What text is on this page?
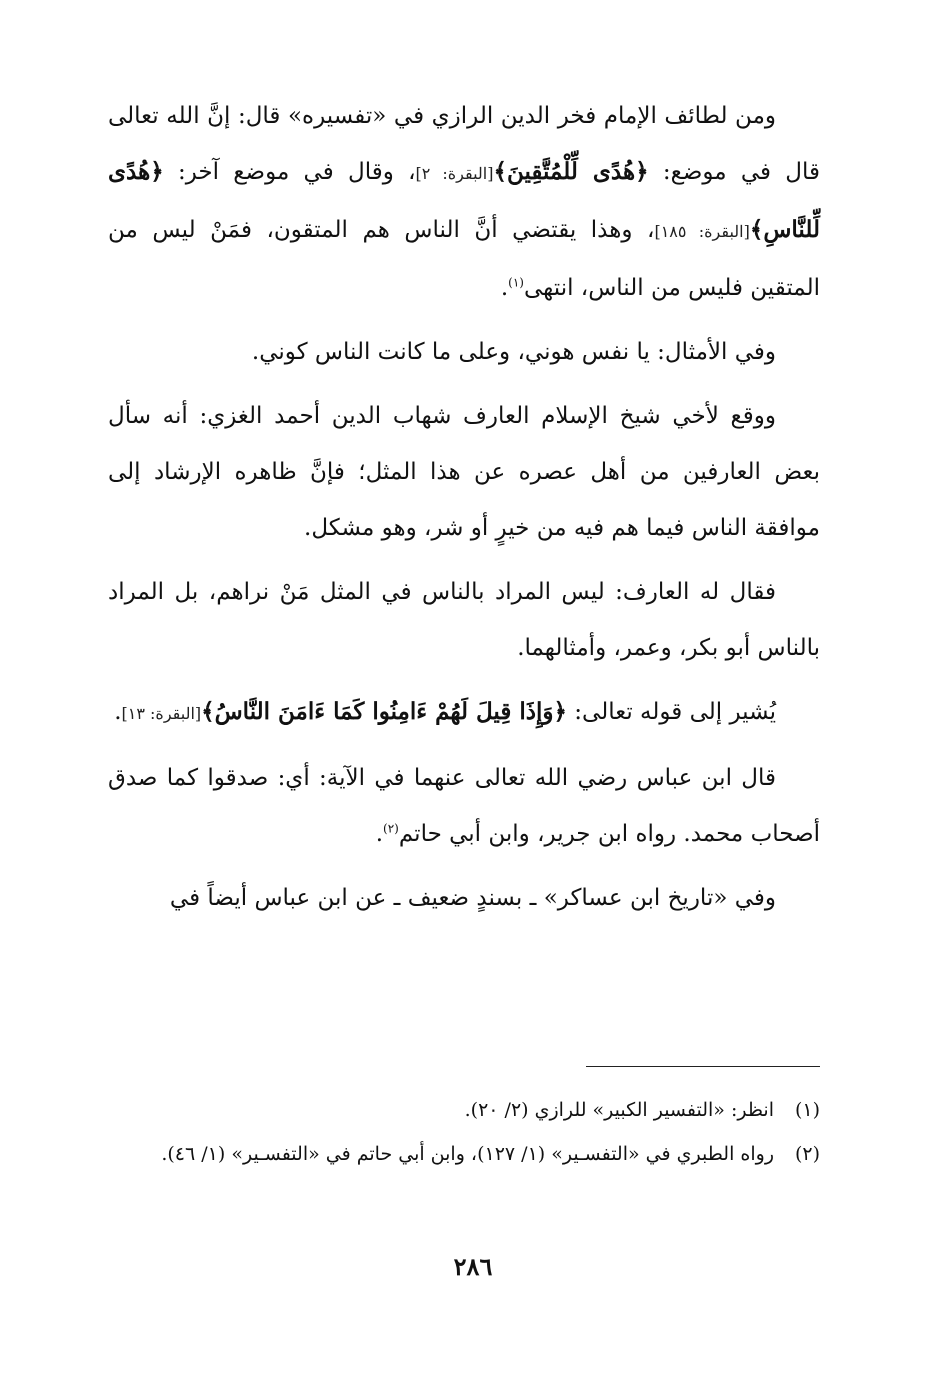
ومن لطائف الإمام فخر الدين الرازي في «تفسيره» قال: إنَّ الله تعالى قال في موضع: ﴿هُدًى لِّلْمُتَّقِينَ﴾[البقرة: ٢]، وقال في موضع آخر: ﴿هُدًى لِّلنَّاسِ﴾[البقرة: ١٨٥]، وهذا يقتضي أنَّ الناس هم المتقون، فمَنْ ليس من المتقين فليس من الناس، انتهى$^{(١)}$.

وفي الأمثال: يا نفس هوني، وعلى ما كانت الناس كوني.

ووقع لأخي شيخ الإسلام العارف شهاب الدين أحمد الغزي: أنه سأل بعض العارفين من أهل عصره عن هذا المثل؛ فإنَّ ظاهره الإرشاد إلى موافقة الناس فيما هم فيه من خيرٍ أو شر، وهو مشكل.

فقال له العارف: ليس المراد بالناس في المثل مَنْ نراهم، بل المراد بالناس أبو بكر، وعمر، وأمثالهما.

يُشير إلى قوله تعالى: ﴿وَإِذَا قِيلَ لَهُمْ ءَامِنُوا كَمَا ءَامَنَ النَّاسُ﴾[البقرة: ١٣].

قال ابن عباس رضي الله تعالى عنهما في الآية: أي: صدقوا كما صدق أصحاب محمد. رواه ابن جرير، وابن أبي حاتم$^{(٢)}$.

وفي «تاريخ ابن عساكر» ـ بسندٍ ضعيف ـ عن ابن عباس أيضاً في

(١)
انظر: «التفسير الكبير» للرازي (٢/ ٢٠).
(٢)
رواه الطبري في «التفسـير» (١/ ١٢٧)، وابن أبي حاتم في «التفسـير» (١/ ٤٦).
٢٨٦
